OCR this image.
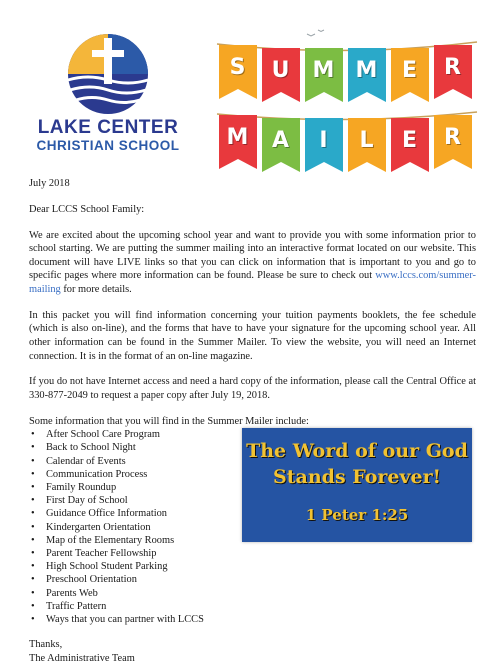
LAKE CENTER
CHRISTIAN SCHOOL
S	U	M M	E	R
M	A	I	L	E	R

July 2018

Dear LCCS School Family:

We are excited about the upcoming school year and want to provide you with some information prior to school starting. We are putting the summer mailing into an interactive format located on our website. This document will have LIVE links so that you can click on information that is important to you and go to specific pages where more information can be found. Please be sure to check out www.lccs.com/summer-mailing for more details.

In this packet you will find information concerning your tuition payments booklets, the fee schedule (which is also on-line), and the forms that have to have your signature for the upcoming school year. All other information can be found in the Summer Mailer. To view the website, you will need an Internet connection. It is in the format of an on-line magazine.

If you do not have Internet access and need a hard copy of the information, please call the Central Office at 330-877-2049 to request a paper copy after July 19, 2018.

Some information that you will find in the Summer Mailer include:
• After School Care Program
• Back to School Night
• Calendar of Events
• Communication Process
• Family Roundup
• First Day of School
• Guidance Office Information
• Kindergarten Orientation
• Map of the Elementary Rooms
• Parent Teacher Fellowship
• High School Student Parking
• Preschool Orientation
• Parents Web
• Traffic Pattern
• Ways that you can partner with LCCS
Thanks,
The Administrative Team
The Word of our God
Stands Forever!
1 Peter 1:25
